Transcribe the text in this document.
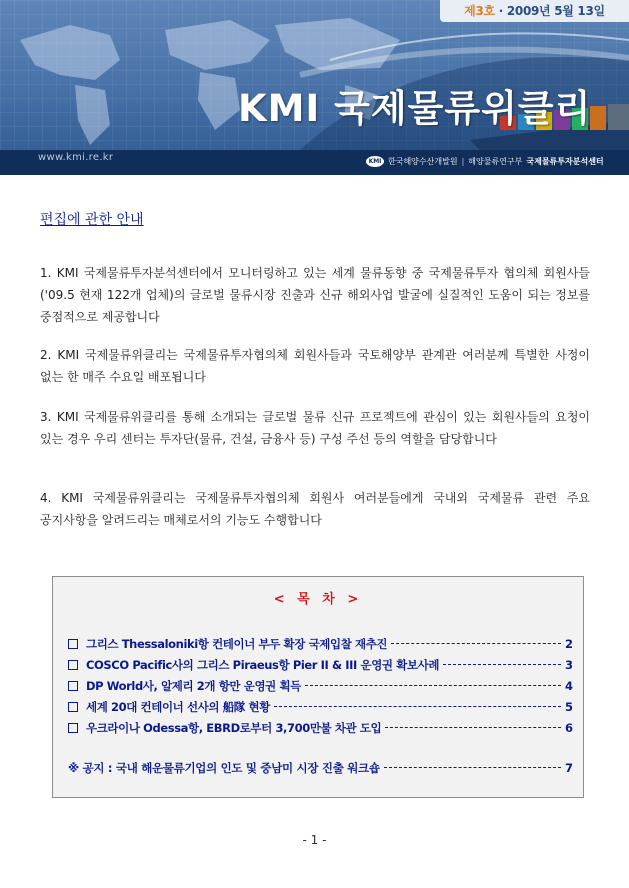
제3호 · 2009년 5월 13일
KMI 국제물류위클리
www.kmi.re.kr	KMI 한국해양수산개발원 | 해양물류연구부 국제물류투자분석센터
편집에 관한 안내

1. KMI 국제물류투자분석센터에서 모니터링하고 있는 세계 물류동향 중 국제물류투자 협의체 회원사들('09.5 현재 122개 업체)의 글로벌 물류시장 진출과 신규 해외사업 발굴에 실질적인 도움이 되는 정보를 중점적으로 제공합니다

2. KMI 국제물류위클리는 국제물류투자협의체 회원사들과 국토해양부 관계관 여러분께 특별한 사정이 없는 한 매주 수요일 배포됩니다

3. KMI 국제물류위클리를 통해 소개되는 글로벌 물류 신규 프로젝트에 관심이 있는 회원사들의 요청이 있는 경우 우리 센터는 투자단(물류, 건설, 금융사 등) 구성 주선 등의 역할을 담당합니다

4. KMI 국제물류위클리는 국제물류투자협의체 회원사 여러분들에게 국내외 국제물류 관련 주요 공지사항을 알려드리는 매체로서의 기능도 수행합니다

< 목 차 >
그리스 Thessaloniki항 컨테이너 부두 확장 국제입찰 재추진	2
COSCO Pacific사의 그리스 Piraeus항 Pier II & III 운영권 확보사례	3
DP World사, 알제리 2개 항만 운영권 획득	4
세계 20대 컨테이너 선사의 船隊 현황	5
우크라이나 Odessa항, EBRD로부터 3,700만불 차관 도입	6
※ 공지 : 국내 해운물류기업의 인도 및 중남미 시장 진출 워크숍	7
- 1 -
